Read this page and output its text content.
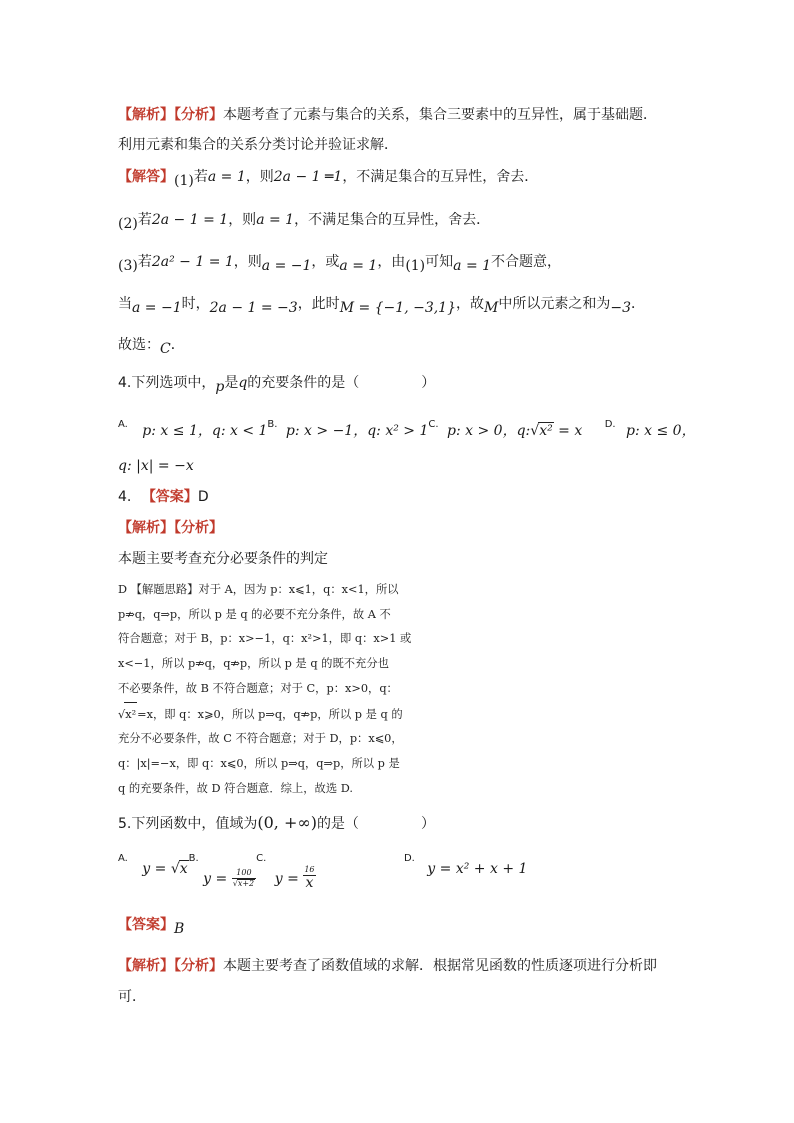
【解析】【分析】本题考查了元素与集合的关系，集合三要素中的互异性，属于基础题．
利用元素和集合的关系分类讨论并验证求解．
【解答】(1)若a = 1，则2a − 1 ═1，不满足集合的互异性，舍去．
(2)若2a − 1 = 1，则a = 1，不满足集合的互异性，舍去．
(3)若2a² − 1 = 1，则a = −1，或a = 1，由(1)可知a = 1不合题意，
当a = −1时，2a − 1 = −3，此时M = {−1, −3,1}，故M中所以元素之和为−3．
故选：C．
4.下列选项中，p是q的充要条件的是（	）
$^{A.}$ p: x ≤ 1，q: $x < 1^{B.}$ p: x > −1，q: $x^2 > 1^{C.}$ p: x > 0，q:√x² = x $^{D.}$ p: x ≤ 0，
q: |x| = −x
4. 【答案】D
【解析】【分析】
本题主要考查充分必要条件的判定
D 【解题思路】对于 A，因为 p：x⩽1，q：x<1，所以
p⇏q，q⇒p，所以 p 是 q 的必要不充分条件，故 A 不
符合题意；对于 B，p：x>−1，q：x²>1，即 q：x>1 或
x<−1，所以 p⇏q，q⇏p，所以 p 是 q 的既不充分也
不必要条件，故 B 不符合题意；对于 C，p：x>0，q：
√x²=x，即 q：x⩾0，所以 p⇒q，q⇏p，所以 p 是 q 的
充分不必要条件，故 C 不符合题意；对于 D，p：x⩽0，
q：|x|=−x，即 q：x⩽0，所以 p⇒q，q⇒p，所以 p 是
q 的充要条件，故 D 符合题意．综上，故选 D.
5.下列函数中，值域为(0, +∞)的是（	）
$^{A.}$ $y = √x^{B.}$ $y = \frac{100}{√x+2}$
$^{C.}$ $y = \frac{16}{x}$
$^{D.}$ y = x² + x + 1
【答案】B
【解析】【分析】本题主要考查了函数值域的求解．根据常见函数的性质逐项进行分析即
可．
